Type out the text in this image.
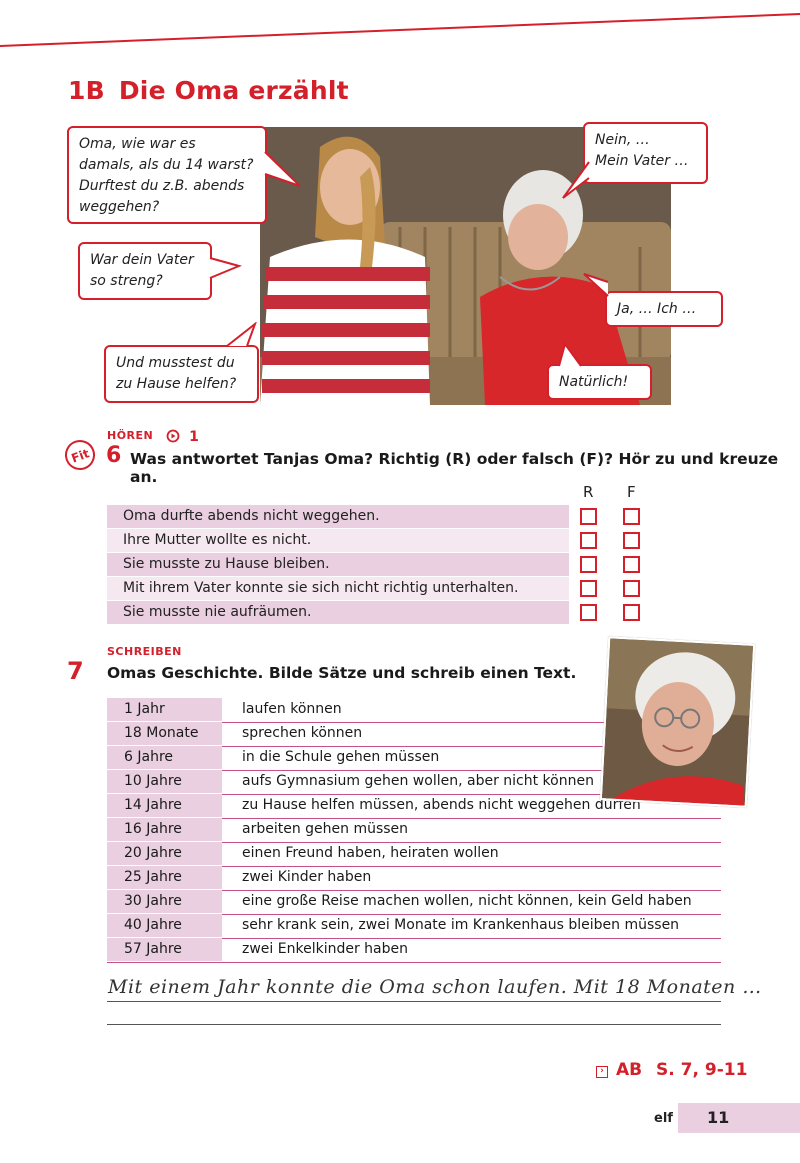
1B Die Oma erzählt
Oma, wie war es
damals, als du 14 warst?
Durftest du z.B. abends
weggehen?
War dein Vater
so streng?
Und musstest du
zu Hause helfen?
Nein, …
Mein Vater …
Ja, … Ich …
Natürlich!
HÖREN	1
Fit 6 Was antwortet Tanjas Oma? Richtig (R) oder falsch (F)? Hör zu und kreuze an.
R F
Oma durfte abends nicht weggehen.
Ihre Mutter wollte es nicht.
Sie musste zu Hause bleiben.
Mit ihrem Vater konnte sie sich nicht richtig unterhalten.
Sie musste nie aufräumen.
SCHREIBEN
7 Omas Geschichte. Bilde Sätze und schreib einen Text.
1 Jahr	laufen können
18 Monate	sprechen können
6 Jahre	in die Schule gehen müssen
10 Jahre	aufs Gymnasium gehen wollen, aber nicht können
14 Jahre	zu Hause helfen müssen, abends nicht weggehen dürfen
16 Jahre	arbeiten gehen müssen
20 Jahre	einen Freund haben, heiraten wollen
25 Jahre	zwei Kinder haben
30 Jahre	eine große Reise machen wollen, nicht können, kein Geld haben
40 Jahre	sehr krank sein, zwei Monate im Krankenhaus bleiben müssen
57 Jahre	zwei Enkelkinder haben
Mit einem Jahr konnte die Oma schon laufen. Mit 18 Monaten …
› AB S. 7, 9-11
elf 11
